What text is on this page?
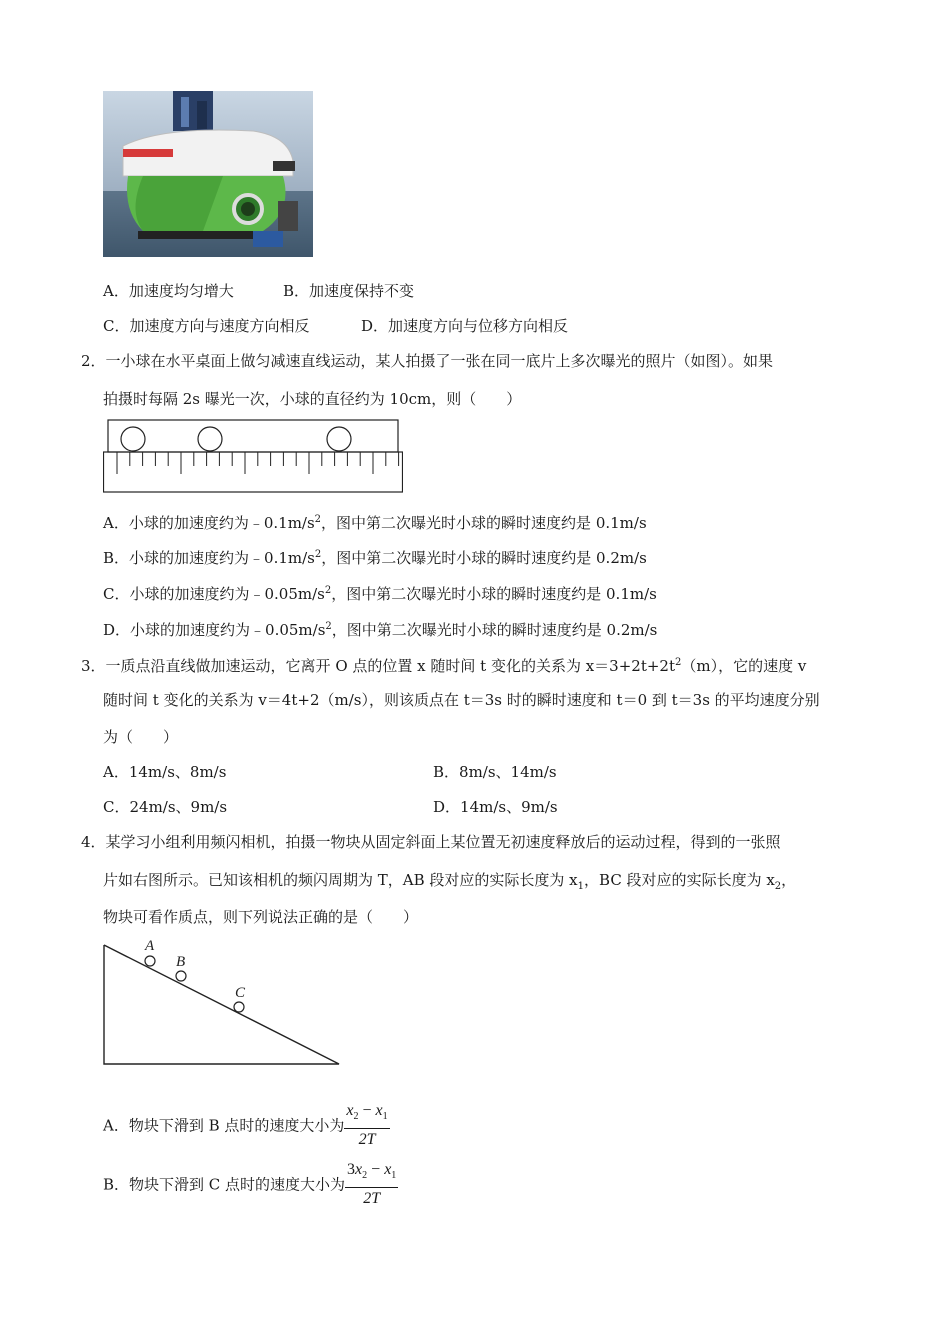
A．加速度均匀增大	B．加速度保持不变
C．加速度方向与速度方向相反	D．加速度方向与位移方向相反
2．一小球在水平桌面上做匀减速直线运动，某人拍摄了一张在同一底片上多次曝光的照片（如图）。如果
拍摄时每隔 2s 曝光一次，小球的直径约为 10cm，则（　　）
A．小球的加速度约为$﹣0.1m/s^2$，图中第二次曝光时小球的瞬时速度约是 0.1m/s
B．小球的加速度约为$﹣0.1m/s^2$，图中第二次曝光时小球的瞬时速度约是 0.2m/s
C．小球的加速度约为$﹣0.05m/s^2$，图中第二次曝光时小球的瞬时速度约是 0.1m/s
D．小球的加速度约为$﹣0.05m/s^2$，图中第二次曝光时小球的瞬时速度约是 0.2m/s
3．一质点沿直线做加速运动，它离开 O 点的位置 x 随时间 t 变化的关系为 $x=3+2t+2t^2(m)$，它的速度 v
随时间 t 变化的关系为 v＝4t+2（m/s），则该质点在 t＝3s 时的瞬时速度和 t＝0 到 t＝3s 的平均速度分别
为（　　）
A．14m/s、8m/s	B．8m/s、14m/s
C．24m/s、9m/s	D．14m/s、9m/s
4．某学习小组利用频闪相机，拍摄一物块从固定斜面上某位置无初速度释放后的运动过程，得到的一张照
片如右图所示。已知该相机的频闪周期为 T，AB 段对应的实际长度为 $x_1$，BC 段对应的实际长度为 $x_2$，
物块可看作质点，则下列说法正确的是（　　）
A
B
C
A．物块下滑到 B 点时的速度大小为 $\frac{x_2 - x_1}{2T}$
B．物块下滑到 C 点时的速度大小为 $\frac{3x_2 - x_1}{2T}$
